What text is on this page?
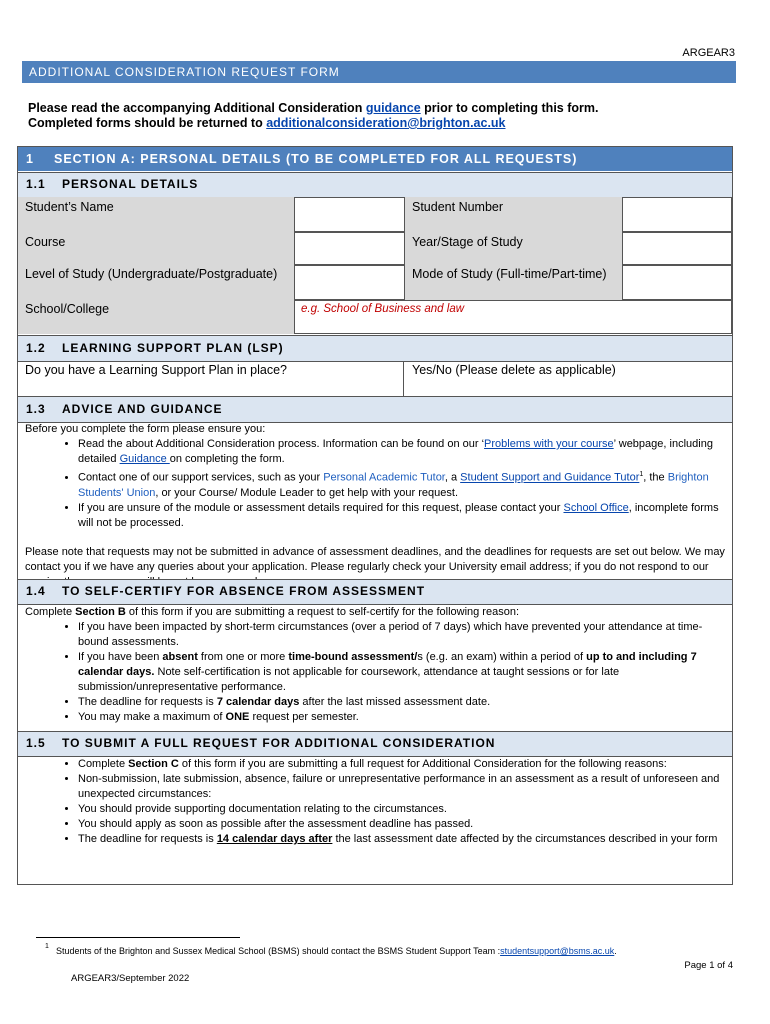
ARGEAR3
ADDITIONAL CONSIDERATION REQUEST FORM
Please read the accompanying Additional Consideration guidance prior to completing this form.
Completed forms should be returned to additionalconsideration@brighton.ac.uk
1 SECTION A: PERSONAL DETAILS (TO BE COMPLETED FOR ALL REQUESTS)
1.1 PERSONAL DETAILS
Student’s Name	Student Number
Course	Year/Stage of Study
Level of Study (Undergraduate/Postgraduate)	Mode of Study (Full-time/Part-time)
School/College	e.g. School of Business and law
1.2 LEARNING SUPPORT PLAN (LSP)
Do you have a Learning Support Plan in place?	Yes/No (Please delete as applicable)
1.3 ADVICE AND GUIDANCE
Before you complete the form please ensure you:
• Read the about Additional Consideration process. Information can be found on our ‘Problems with your course’ webpage, including detailed Guidance on completing the form.
• Contact one of our support services, such as your Personal Academic Tutor, a Student Support and Guidance Tutor$^1$, the Brighton Students' Union, or your Course/ Module Leader to get help with your request.
• If you are unsure of the module or assessment details required for this request, please contact your School Office, incomplete forms will not be processed.
Please note that requests may not be submitted in advance of assessment deadlines, and the deadlines for requests are set out below. We may contact you if we have any queries about your application. Please regularly check your University email address; if you do not respond to our
1.4 TO SELF-CERTIFY FOR ABSENCE FROM ASSESSMENT
Complete Section B of this form if you are submitting a request to self-certify for the following reason:
• If you have been impacted by short-term circumstances (over a period of 7 days) which have prevented your attendance at time-bound assessments.
• If you have been absent from one or more time-bound assessment/s (e.g. an exam) within a period of up to and including 7 calendar days. Note self-certification is not applicable for coursework, attendance at taught sessions or for late submission/unrepresentative performance.
• The deadline for requests is 7 calendar days after the last missed assessment date.
• You may make a maximum of ONE request per semester.
1.5 TO SUBMIT A FULL REQUEST FOR ADDITIONAL CONSIDERATION
• Complete Section C of this form if you are submitting a full request for Additional Consideration for the following reasons:
• Non-submission, late submission, absence, failure or unrepresentative performance in an assessment as a result of unforeseen and unexpected circumstances:
• You should provide supporting documentation relating to the circumstances.
• You should apply as soon as possible after the assessment deadline has passed.
• The deadline for requests is 14 calendar days after the last assessment date affected by the circumstances described in your form
1 Students of the Brighton and Sussex Medical School (BSMS) should contact the BSMS Student Support Team :studentsupport@bsms.ac.uk.
Page 1 of 4
ARGEAR3/September 2022
